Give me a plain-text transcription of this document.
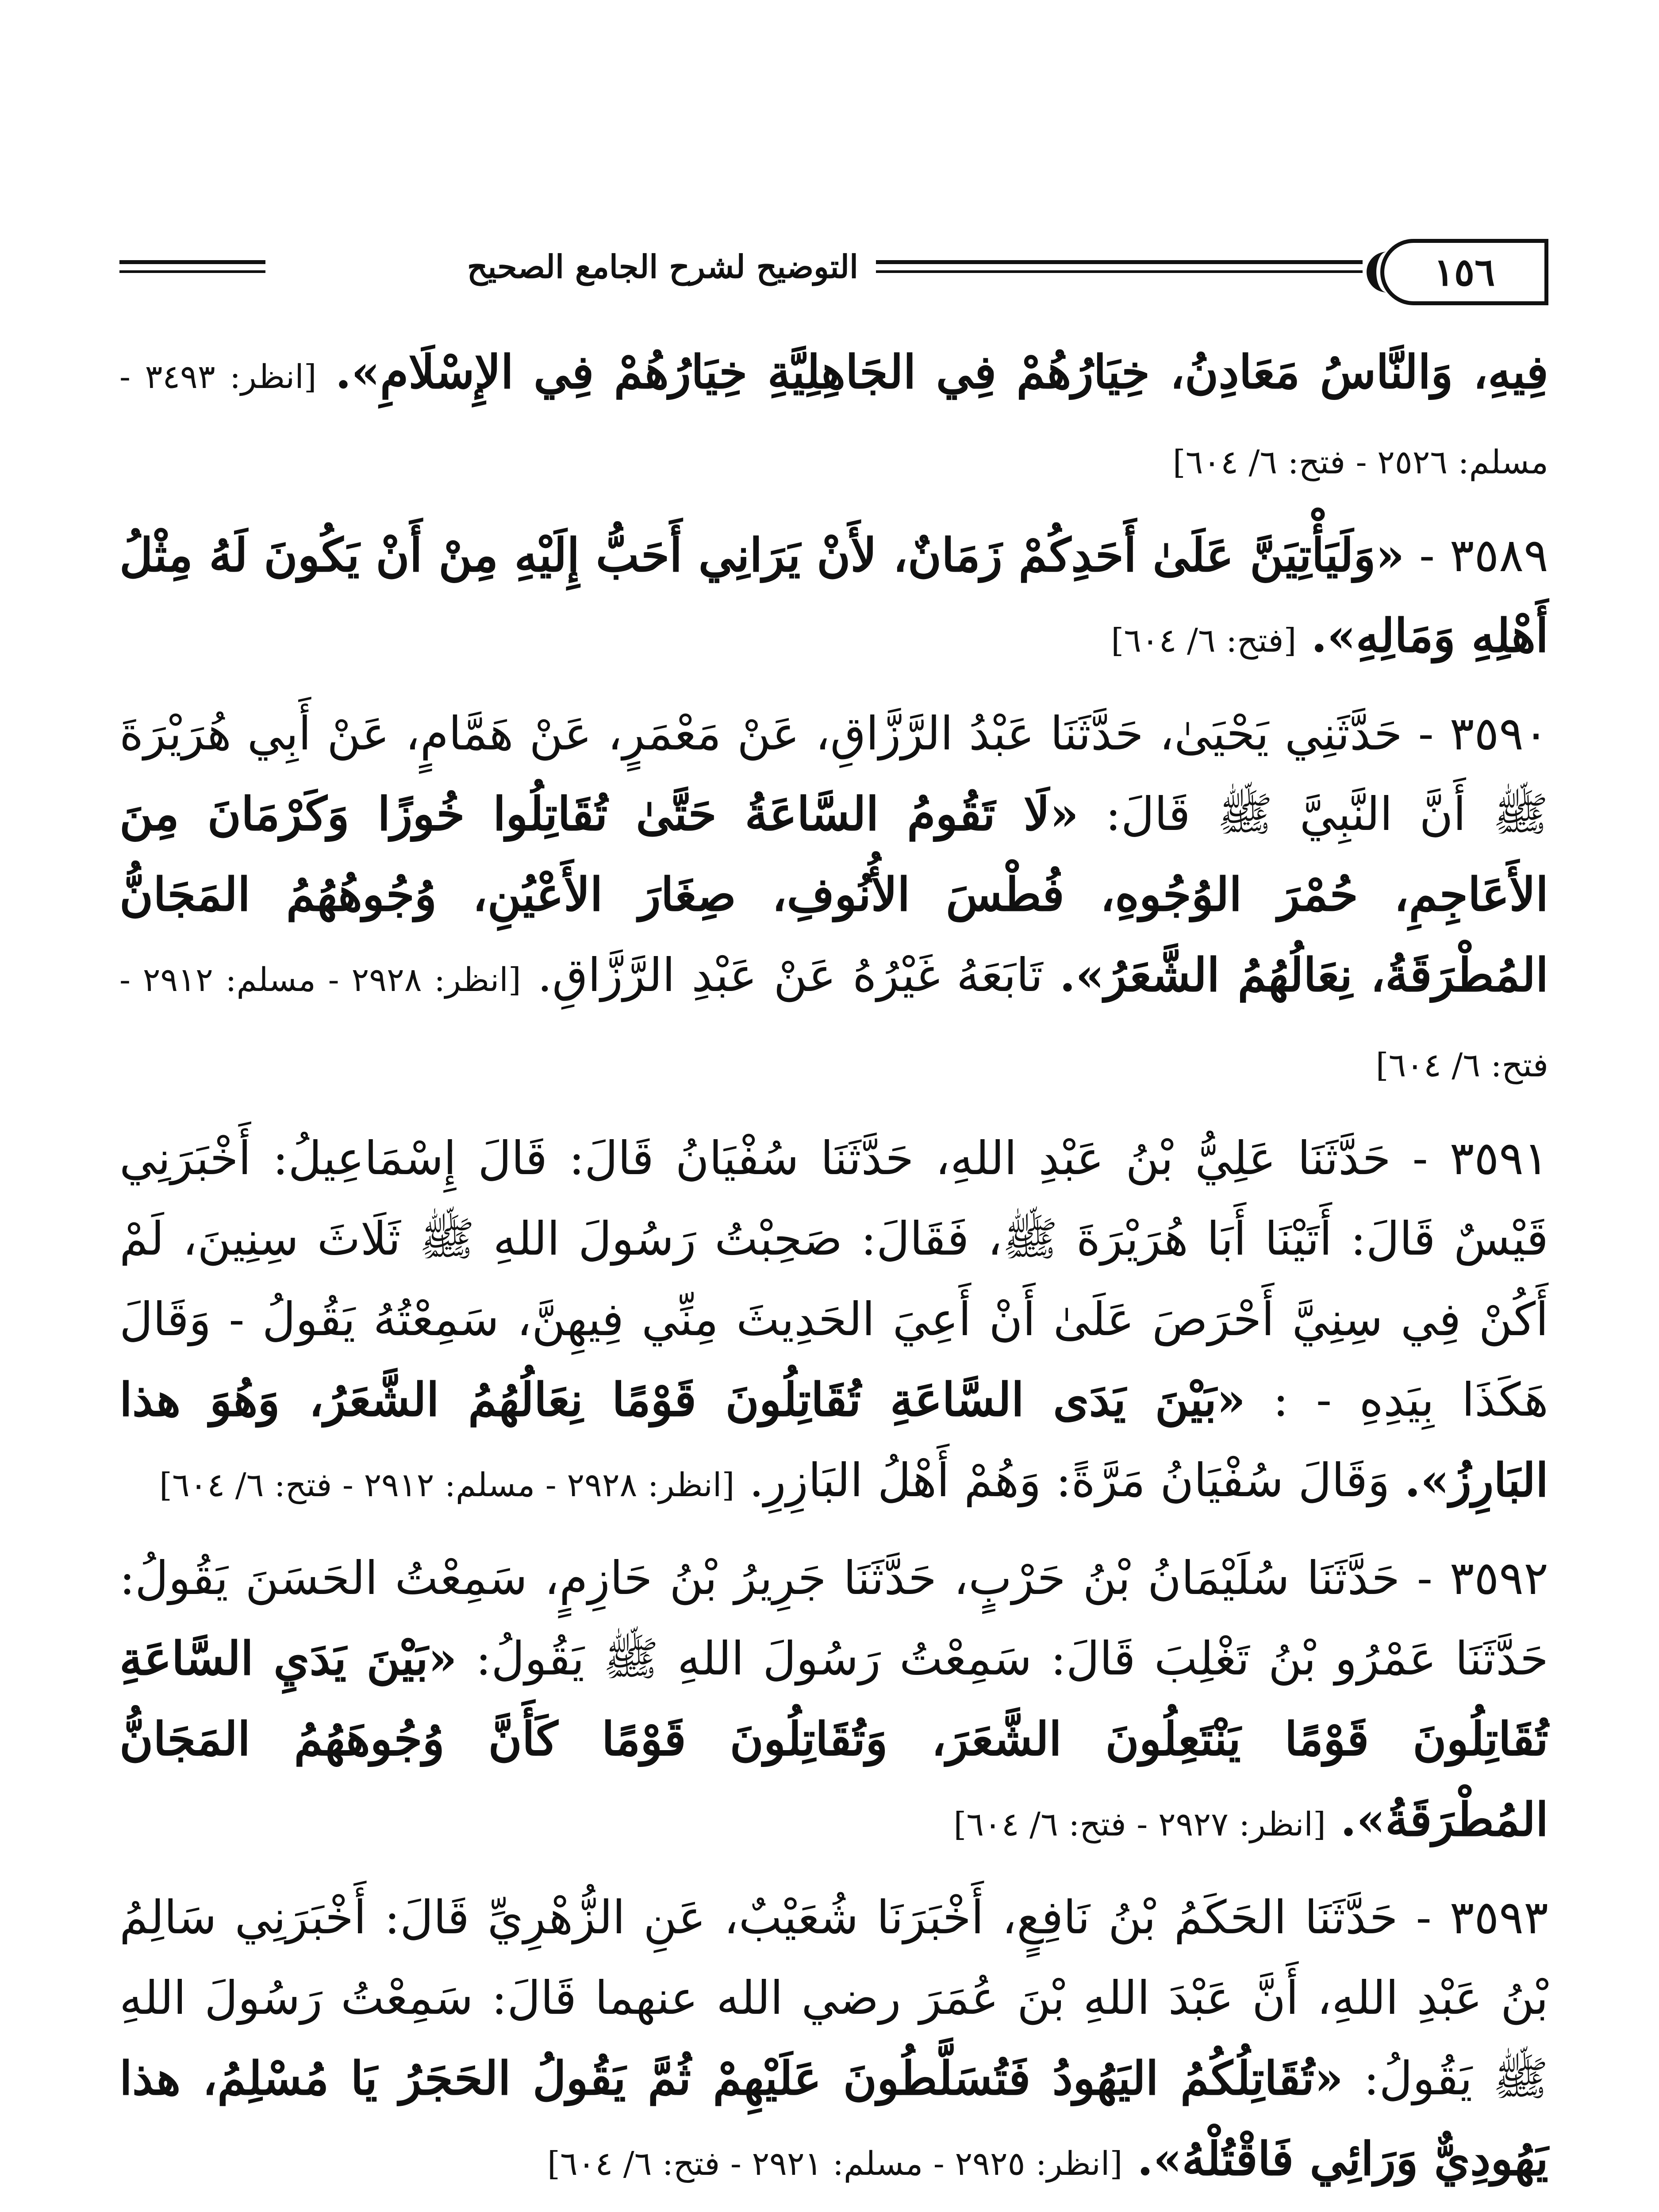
١٥٦
التوضيح لشرح الجامع الصحيح

فِيهِ، وَالنَّاسُ مَعَادِنُ، خِيَارُهُمْ فِي الجَاهِلِيَّةِ خِيَارُهُمْ فِي الإِسْلَامِ». [انظر: ٣٤٩٣ - مسلم: ٢٥٢٦ - فتح: ٦/ ٦٠٤]

٣٥٨٩ - «وَلَيَأْتِيَنَّ عَلَىٰ أَحَدِكُمْ زَمَانٌ، لأَنْ يَرَانِي أَحَبُّ إِلَيْهِ مِنْ أَنْ يَكُونَ لَهُ مِثْلُ أَهْلِهِ وَمَالِهِ». [فتح: ٦/ ٦٠٤]

٣٥٩٠ - حَدَّثَنِي يَحْيَىٰ، حَدَّثَنَا عَبْدُ الرَّزَّاقِ، عَنْ مَعْمَرٍ، عَنْ هَمَّامٍ، عَنْ أَبِي هُرَيْرَةَ ﷺ أَنَّ النَّبِيَّ ﷺ قَالَ: «لَا تَقُومُ السَّاعَةُ حَتَّىٰ تُقَاتِلُوا خُوزًا وَكَرْمَانَ مِنَ الأَعَاجِمِ، حُمْرَ الوُجُوهِ، فُطْسَ الأُنُوفِ، صِغَارَ الأَعْيُنِ، وُجُوهُهُمُ المَجَانُّ المُطْرَقَةُ، نِعَالُهُمُ الشَّعَرُ». تَابَعَهُ غَيْرُهُ عَنْ عَبْدِ الرَّزَّاقِ. [انظر: ٢٩٢٨ - مسلم: ٢٩١٢ - فتح: ٦/ ٦٠٤]

٣٥٩١ - حَدَّثَنَا عَلِيُّ بْنُ عَبْدِ اللهِ، حَدَّثَنَا سُفْيَانُ قَالَ: قَالَ إِسْمَاعِيلُ: أَخْبَرَنِي قَيْسٌ قَالَ: أَتَيْنَا أَبَا هُرَيْرَةَ ﷺ، فَقَالَ: صَحِبْتُ رَسُولَ اللهِ ﷺ ثَلَاثَ سِنِينَ، لَمْ أَكُنْ فِي سِنِيَّ أَحْرَصَ عَلَىٰ أَنْ أَعِيَ الحَدِيثَ مِنِّي فِيهِنَّ، سَمِعْتُهُ يَقُولُ - وَقَالَ هَكَذَا بِيَدِهِ - : «بَيْنَ يَدَى السَّاعَةِ تُقَاتِلُونَ قَوْمًا نِعَالُهُمُ الشَّعَرُ، وَهُوَ هذا البَارِزُ». وَقَالَ سُفْيَانُ مَرَّةً: وَهُمْ أَهْلُ البَازِرِ. [انظر: ٢٩٢٨ - مسلم: ٢٩١٢ - فتح: ٦/ ٦٠٤]

٣٥٩٢ - حَدَّثَنَا سُلَيْمَانُ بْنُ حَرْبٍ، حَدَّثَنَا جَرِيرُ بْنُ حَازِمٍ، سَمِعْتُ الحَسَنَ يَقُولُ: حَدَّثَنَا عَمْرُو بْنُ تَغْلِبَ قَالَ: سَمِعْتُ رَسُولَ اللهِ ﷺ يَقُولُ: «بَيْنَ يَدَيِ السَّاعَةِ تُقَاتِلُونَ قَوْمًا يَنْتَعِلُونَ الشَّعَرَ، وَتُقَاتِلُونَ قَوْمًا كَأَنَّ وُجُوهَهُمُ المَجَانُّ المُطْرَقَةُ». [انظر: ٢٩٢٧ - فتح: ٦/ ٦٠٤]

٣٥٩٣ - حَدَّثَنَا الحَكَمُ بْنُ نَافِعٍ، أَخْبَرَنَا شُعَيْبٌ، عَنِ الزُّهْرِيِّ قَالَ: أَخْبَرَنِي سَالِمُ بْنُ عَبْدِ اللهِ، أَنَّ عَبْدَ اللهِ بْنَ عُمَرَ رضي الله عنهما قَالَ: سَمِعْتُ رَسُولَ اللهِ ﷺ يَقُولُ: «تُقَاتِلُكُمُ اليَهُودُ فَتُسَلَّطُونَ عَلَيْهِمْ ثُمَّ يَقُولُ الحَجَرُ يَا مُسْلِمُ، هذا يَهُودِيٌّ وَرَائِي فَاقْتُلْهُ». [انظر: ٢٩٢٥ - مسلم: ٢٩٢١ - فتح: ٦/ ٦٠٤]
